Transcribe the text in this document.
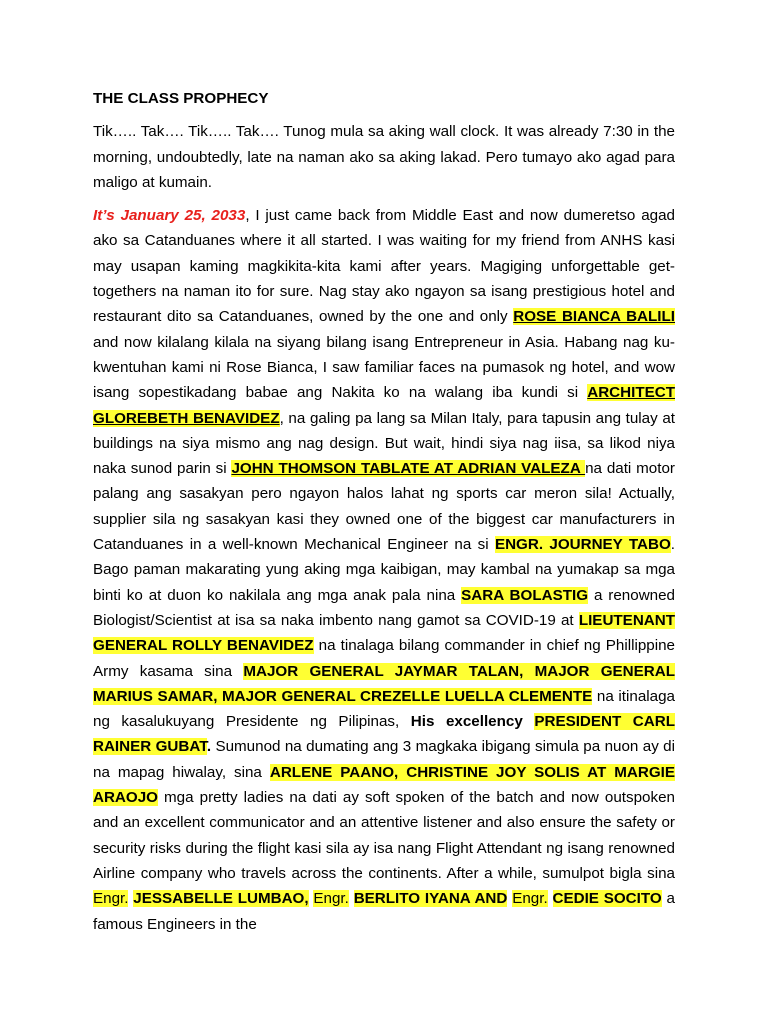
THE CLASS PROPHECY

Tik….. Tak…. Tik….. Tak…. Tunog mula sa aking wall clock. It was already 7:30 in the morning, undoubtedly, late na naman ako sa aking lakad. Pero tumayo ako agad para maligo at kumain.

It’s January 25, 2033, I just came back from Middle East and now dumeretso agad ako sa Catanduanes where it all started. I was waiting for my friend from ANHS kasi may usapan kaming magkikita-kita kami after years. Magiging unforgettable get-togethers na naman ito for sure. Nag stay ako ngayon sa isang prestigious hotel and restaurant dito sa Catanduanes, owned by the one and only ROSE BIANCA BALILI and now kilalang kilala na siyang bilang isang Entrepreneur in Asia. Habang nag ku-kwentuhan kami ni Rose Bianca, I saw familiar faces na pumasok ng hotel, and wow isang sopestikadang babae ang Nakita ko na walang iba kundi si ARCHITECT GLOREBETH BENAVIDEZ, na galing pa lang sa Milan Italy, para tapusin ang tulay at buildings na siya mismo ang nag design. But wait, hindi siya nag iisa, sa likod niya naka sunod parin si JOHN THOMSON TABLATE AT ADRIAN VALEZA na dati motor palang ang sasakyan pero ngayon halos lahat ng sports car meron sila! Actually, supplier sila ng sasakyan kasi they owned one of the biggest car manufacturers in Catanduanes in a well-known Mechanical Engineer na si ENGR. JOURNEY TABO. Bago paman makarating yung aking mga kaibigan, may kambal na yumakap sa mga binti ko at duon ko nakilala ang mga anak pala nina SARA BOLASTIG a renowned Biologist/Scientist at isa sa naka imbento nang gamot sa COVID-19 at LIEUTENANT GENERAL ROLLY BENAVIDEZ na tinalaga bilang commander in chief ng Phillippine Army kasama sina MAJOR GENERAL JAYMAR TALAN, MAJOR GENERAL MARIUS SAMAR, MAJOR GENERAL CREZELLE LUELLA CLEMENTE na itinalaga ng kasalukuyang Presidente ng Pilipinas, His excellency PRESIDENT CARL RAINER GUBAT. Sumunod na dumating ang 3 magkaka ibigang simula pa nuon ay di na mapag hiwalay, sina ARLENE PAANO, CHRISTINE JOY SOLIS AT MARGIE ARAOJO mga pretty ladies na dati ay soft spoken of the batch and now outspoken and an excellent communicator and an attentive listener and also ensure the safety or security risks during the flight kasi sila ay isa nang Flight Attendant ng isang renowned Airline company who travels across the continents. After a while, sumulpot bigla sina Engr. JESSABELLE LUMBAO, Engr. BERLITO IYANA AND Engr. CEDIE SOCITO a famous Engineers in the
